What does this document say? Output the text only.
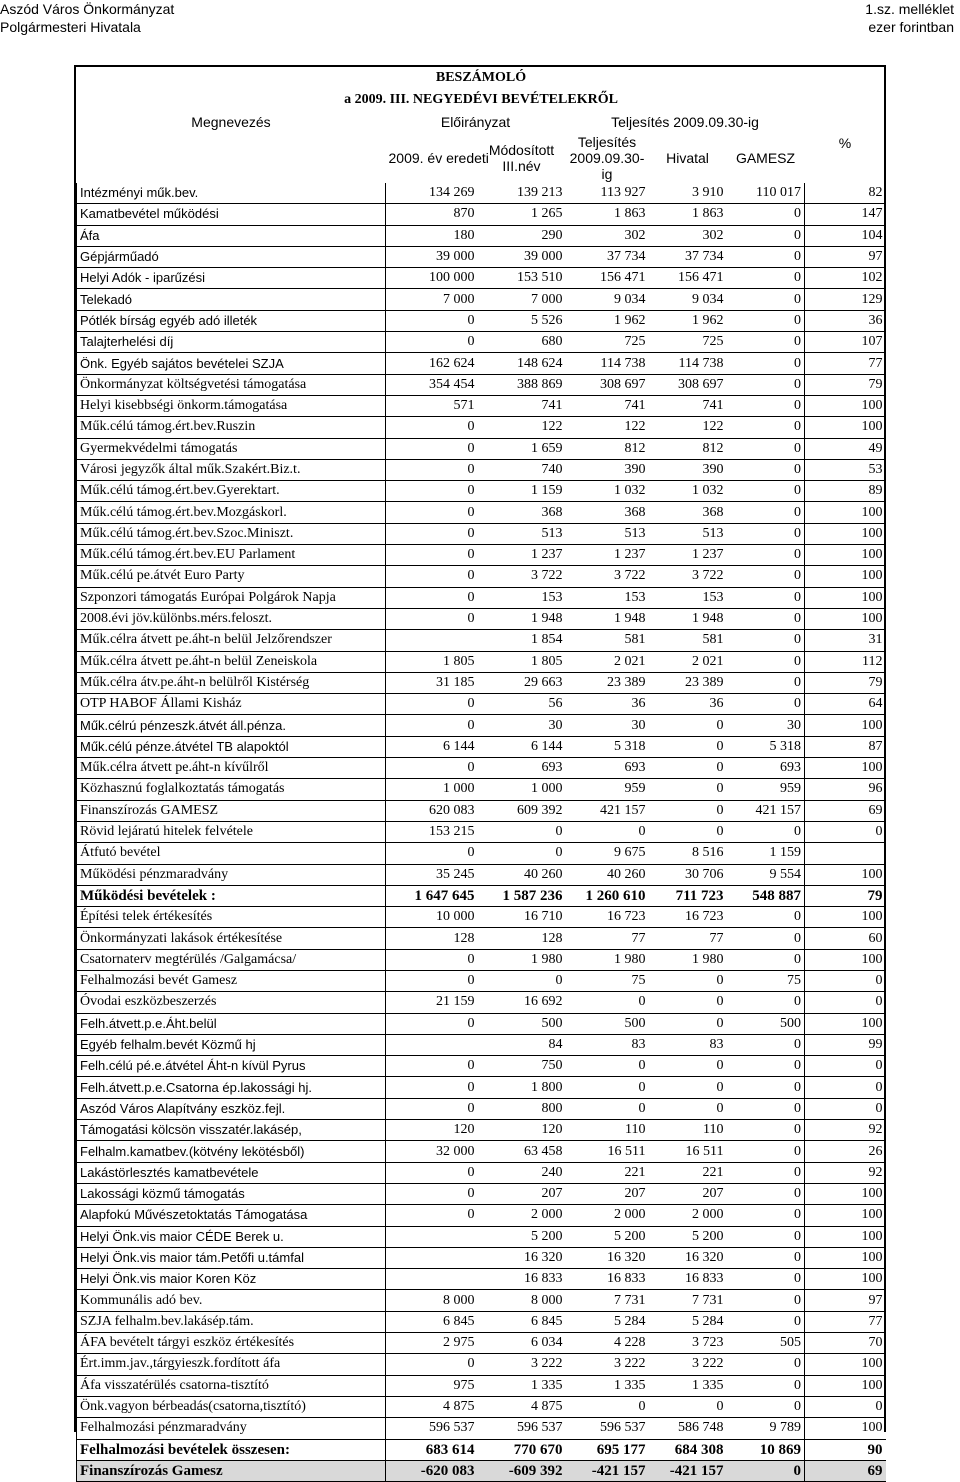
Aszód Város Önkormányzat
Polgármesteri Hivatala
1.sz. melléklet
ezer forintban
BESZÁMOLÓ						
a 2009. III. NEGYEDÉVI BEVÉTELEKRŐL						
Megnevezés	Előirányzat		Teljesítés 2009.09.30-ig			
	2009. év eredeti	Módosított III.név	Teljesítés 2009.09.30-ig	Hivatal	GAMESZ	%
Intézményi műk.bev.	134 269	139 213	113 927	3 910	110 017	82
Kamatbevétel működési	870	1 265	1 863	1 863	0	147
Áfa	180	290	302	302	0	104
Gépjárműadó	39 000	39 000	37 734	37 734	0	97
Helyi Adók - iparűzési	100 000	153 510	156 471	156 471	0	102
Telekadó	7 000	7 000	9 034	9 034	0	129
Pótlék bírság egyéb adó illeték	0	5 526	1 962	1 962	0	36
Talajterhelési díj	0	680	725	725	0	107
Önk. Egyéb sajátos bevételei SZJA	162 624	148 624	114 738	114 738	0	77
Önkormányzat költségvetési támogatása	354 454	388 869	308 697	308 697	0	79
Helyi kisebbségi önkorm.támogatása	571	741	741	741	0	100
Műk.célú támog.ért.bev.Ruszin	0	122	122	122	0	100
Gyermekvédelmi támogatás	0	1 659	812	812	0	49
Városi jegyzők által műk.Szakért.Biz.t.	0	740	390	390	0	53
Műk.célú támog.ért.bev.Gyerektart.	0	1 159	1 032	1 032	0	89
Műk.célú támog.ért.bev.Mozgáskorl.	0	368	368	368	0	100
Műk.célú támog.ért.bev.Szoc.Miniszt.	0	513	513	513	0	100
Műk.célú támog.ért.bev.EU Parlament	0	1 237	1 237	1 237	0	100
Műk.célú pe.átvét Euro Party	0	3 722	3 722	3 722	0	100
Szponzori támogatás Európai Polgárok Napja	0	153	153	153	0	100
2008.évi jöv.különbs.mérs.feloszt.	0	1 948	1 948	1 948	0	100
Műk.célra átvett pe.áht-n belül Jelzőrendszer		1 854	581	581	0	31
Műk.célra átvett pe.áht-n belül Zeneiskola	1 805	1 805	2 021	2 021	0	112
Műk.célra átv.pe.áht-n belülről Kistérség	31 185	29 663	23 389	23 389	0	79
OTP HABOF Állami Kisház	0	56	36	36	0	64
Műk.célrú pénzeszk.átvét áll.pénza.	0	30	30	0	30	100
Műk.célú pénze.átvétel TB alapoktól	6 144	6 144	5 318	0	5 318	87
Műk.célra átvett pe.áht-n kívűlről	0	693	693	0	693	100
Közhasznú foglalkoztatás támogatás	1 000	1 000	959	0	959	96
Finanszírozás GAMESZ	620 083	609 392	421 157	0	421 157	69
Rövid lejáratú hitelek felvétele	153 215	0	0	0	0	0
Átfutó bevétel	0	0	9 675	8 516	1 159	
Működési pénzmaradvány	35 245	40 260	40 260	30 706	9 554	100
Működési bevételek :	1 647 645	1 587 236	1 260 610	711 723	548 887	79
Építési telek értékesítés	10 000	16 710	16 723	16 723	0	100
Önkormányzati lakások értékesítése	128	128	77	77	0	60
Csatornaterv megtérülés /Galgamácsa/	0	1 980	1 980	1 980	0	100
Felhalmozási bevét Gamesz	0	0	75	0	75	0
Óvodai eszközbeszerzés	21 159	16 692	0	0	0	0
Felh.átvett.p.e.Áht.belül	0	500	500	0	500	100
Egyéb felhalm.bevét Közmű hj		84	83	83	0	99
Felh.célú pé.e.átvétel Áht-n kívül Pyrus	0	750	0	0	0	0
Felh.átvett.p.e.Csatorna ép.lakossági hj.	0	1 800	0	0	0	0
Aszód Város Alapítvány eszköz.fejl.	0	800	0	0	0	0
Támogatási kölcsön visszatér.lakásép,	120	120	110	110	0	92
Felhalm.kamatbev.(kötvény lekötésből)	32 000	63 458	16 511	16 511	0	26
Lakástörlesztés kamatbevétele	0	240	221	221	0	92
Lakossági közmű támogatás	0	207	207	207	0	100
Alapfokú Művészetoktatás Támogatása	0	2 000	2 000	2 000	0	100
Helyi Önk.vis maior CÉDE Berek u.		5 200	5 200	5 200	0	100
Helyi Önk.vis maior tám.Petőfi u.támfal		16 320	16 320	16 320	0	100
Helyi Önk.vis maior Koren Köz		16 833	16 833	16 833	0	100
Kommunális adó bev.	8 000	8 000	7 731	7 731	0	97
SZJA felhalm.bev.lakásép.tám.	6 845	6 845	5 284	5 284	0	77
ÁFA bevételt tárgyi eszköz értékesítés	2 975	6 034	4 228	3 723	505	70
Ért.imm.jav.,tárgyieszk.fordított áfa	0	3 222	3 222	3 222	0	100
Áfa visszatérülés csatorna-tisztító	975	1 335	1 335	1 335	0	100
Önk.vagyon bérbeadás(csatorna,tisztító)	4 875	4 875	0	0	0	0
Felhalmozási pénzmaradvány	596 537	596 537	596 537	586 748	9 789	100
Felhalmozási bevételek összesen:	683 614	770 670	695 177	684 308	10 869	90
Finanszírozás Gamesz	-620 083	-609 392	-421 157	-421 157	0	69
